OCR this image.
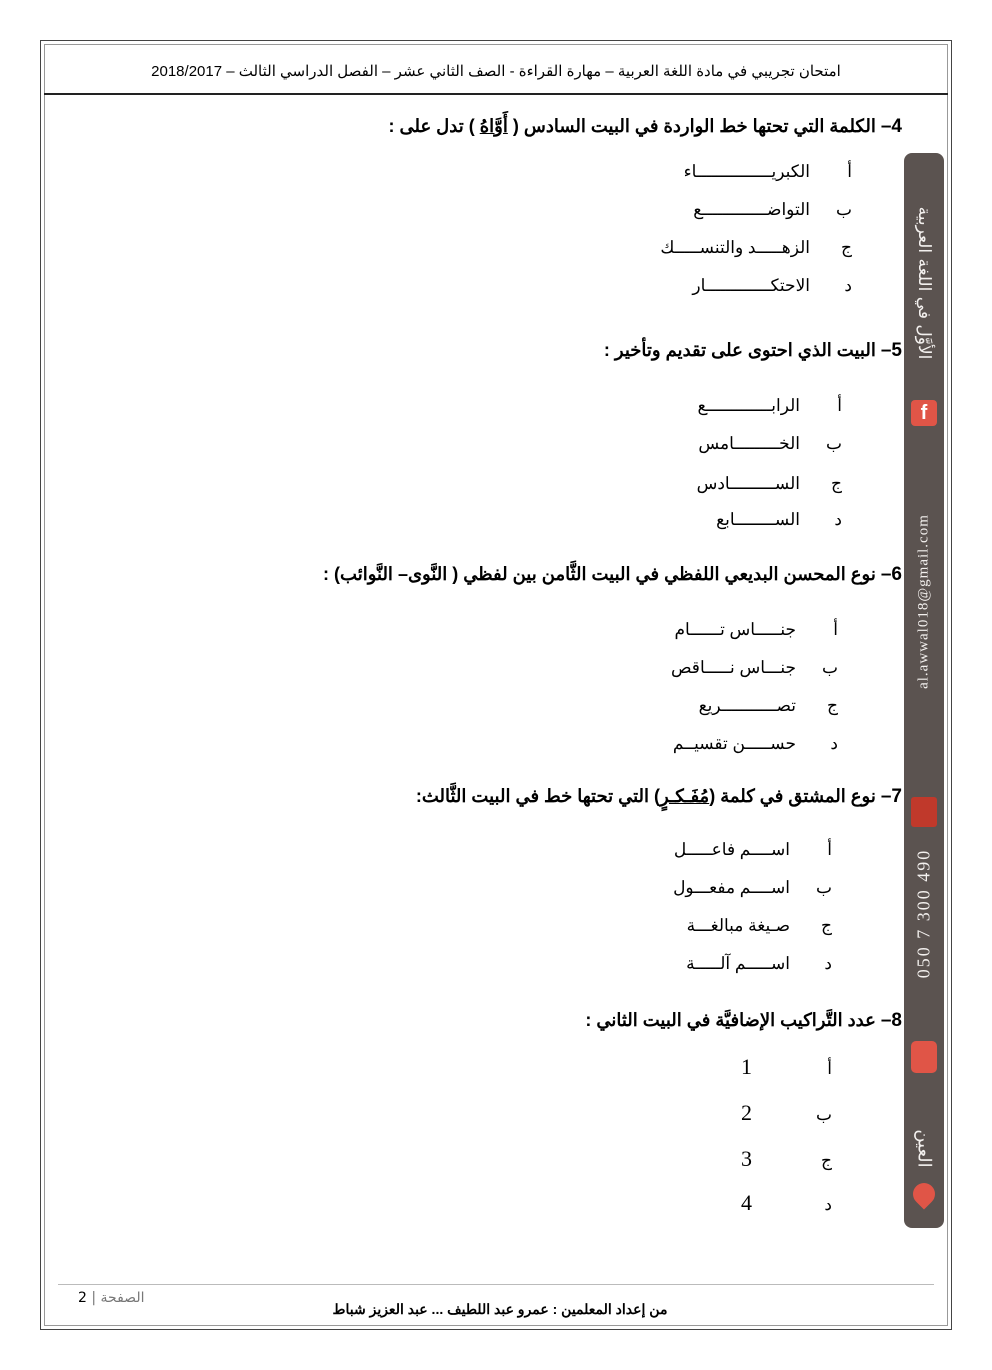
امتحان تجريبي في مادة اللغة العربية – مهارة القراءة - الصف الثاني عشر – الفصل الدراسي الثالث – 2018/2017
4– الكلمة التي تحتها خط الواردة في البيت السادس ( أَوَّاهُ ) تدل على :
أالكبريـــــــــــــــاء
بالتواضـــــــــــــع
جالزهـــــد والتنســـــك
دالاحتكـــــــــــــار
5– البيت الذي احتوى على تقديم وتأخير :
أالرابـــــــــــــع
بالخـــــــــامس
جالســـــــــادس
دالســــــــابع
6– نوع المحسن البديعي اللفظي في البيت الثَّامن بين لفظي ( النَّوى– النَّوائب) :
أجنـــــاس تــــــام
بجنـــاس نـــــاقص
جتصـــــــــــريع
دحســـــن تقسيــم
7– نوع المشتق في كلمة (مُفَـكـرٍ) التي تحتها خط في البيت الثَّالث:
أاســــم فاعـــــل
باســــم مفعـــول
جصـيغة مبالغـــة
داســـــم آلـــــة
8– عدد التَّراكيب الإضافيَّة في البيت الثاني :
أ1
ب2
ج3
د4
الأوَّل في اللغة العربية
al.awwal018@gmail.com
050 7 300 490
العين
f
الصفحة | 2
من إعداد المعلمين : عمرو عبد اللطيف ... عبد العزيز شباط
